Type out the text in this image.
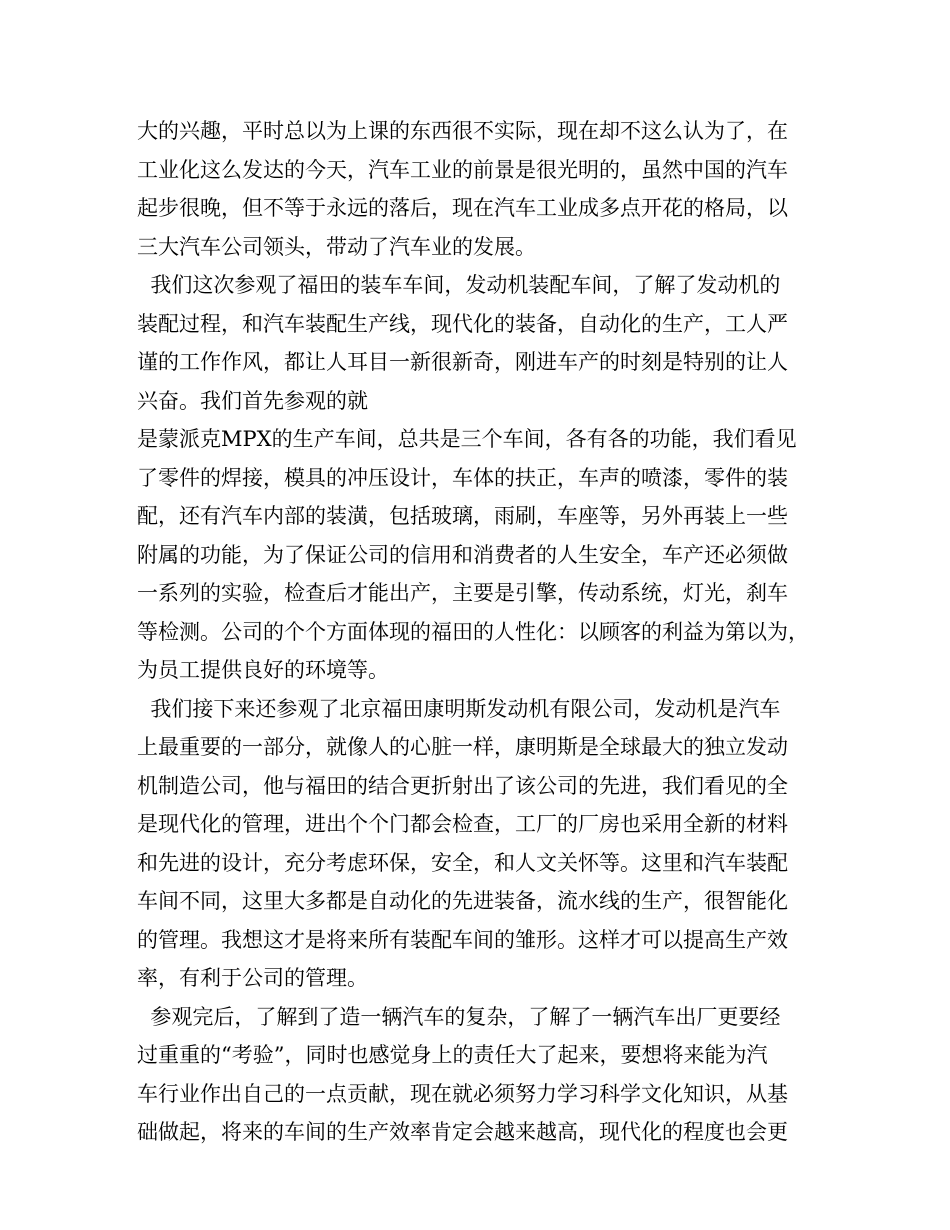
大的兴趣，平时总以为上课的东西很不实际，现在却不这么认为了，在
工业化这么发达的今天，汽车工业的前景是很光明的，虽然中国的汽车
起步很晚，但不等于永远的落后，现在汽车工业成多点开花的格局，以
三大汽车公司领头，带动了汽车业的发展。
我们这次参观了福田的装车车间，发动机装配车间，了解了发动机的
装配过程，和汽车装配生产线，现代化的装备，自动化的生产，工人严
谨的工作作风，都让人耳目一新很新奇，刚进车产的时刻是特别的让人
兴奋。我们首先参观的就
是蒙派克MPX的生产车间，总共是三个车间，各有各的功能，我们看见
了零件的焊接，模具的冲压设计，车体的扶正，车声的喷漆，零件的装
配，还有汽车内部的装潢，包括玻璃，雨刷，车座等，另外再装上一些
附属的功能，为了保证公司的信用和消费者的人生安全，车产还必须做
一系列的实验，检查后才能出产，主要是引擎，传动系统，灯光，刹车
等检测。公司的个个方面体现的福田的人性化：以顾客的利益为第以为，
为员工提供良好的环境等。
我们接下来还参观了北京福田康明斯发动机有限公司，发动机是汽车
上最重要的一部分，就像人的心脏一样，康明斯是全球最大的独立发动
机制造公司，他与福田的结合更折射出了该公司的先进，我们看见的全
是现代化的管理，进出个个门都会检查，工厂的厂房也采用全新的材料
和先进的设计，充分考虑环保，安全，和人文关怀等。这里和汽车装配
车间不同，这里大多都是自动化的先进装备，流水线的生产，很智能化
的管理。我想这才是将来所有装配车间的雏形。这样才可以提高生产效
率，有利于公司的管理。
参观完后，了解到了造一辆汽车的复杂，了解了一辆汽车出厂更要经
过重重的“考验”，同时也感觉身上的责任大了起来，要想将来能为汽
车行业作出自己的一点贡献，现在就必须努力学习科学文化知识，从基
础做起，将来的车间的生产效率肯定会越来越高，现代化的程度也会更
